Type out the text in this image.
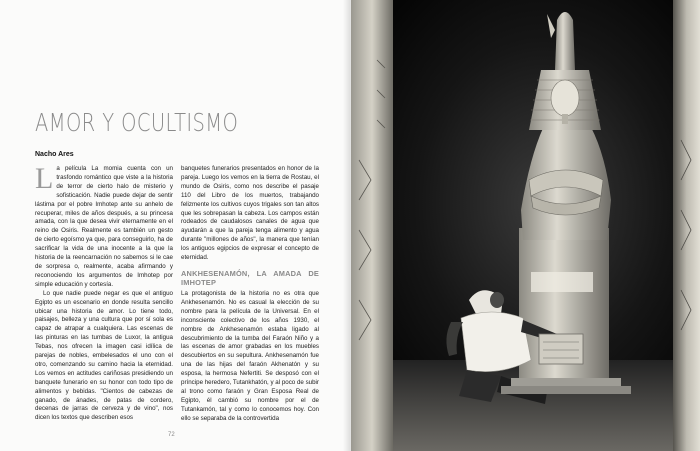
AMOR Y OCULTISMO
Nacho Ares

La película La momia cuenta con un trasfondo romántico que viste a la historia de terror de cierto halo de misterio y sofisticación. Nadie puede dejar de sentir lástima por el pobre Imhotep ante su anhelo de recuperar, miles de años después, a su princesa amada, con la que desea vivir eternamente en el reino de Osiris. Realmente es también un gesto de cierto egoísmo ya que, para conseguirlo, ha de sacrificar la vida de una inocente a la que la historia de la reencarnación no sabemos si le cae de sorpresa o, realmente, acaba afirmando y reconociendo los argumentos de Imhotep por simple educación y cortesía.

Lo que nadie puede negar es que el antiguo Egipto es un escenario en donde resulta sencillo ubicar una historia de amor. Lo tiene todo, paisajes, belleza y una cultura que por sí sola es capaz de atrapar a cualquiera. Las escenas de las pinturas en las tumbas de Luxor, la antigua Tebas, nos ofrecen la imagen casi idílica de parejas de nobles, embelesados el uno con el otro, comenzando su camino hacia la eternidad. Los vemos en actitudes cariñosas presidiendo un banquete funerario en su honor con todo tipo de alimentos y bebidas. "Cientos de cabezas de ganado, de ánades, de patas de cordero, decenas de jarras de cerveza y de vino", nos dicen los textos que describen esos

banquetes funerarios presentados en honor de la pareja. Luego los vemos en la tierra de Rostau, el mundo de Osiris, como nos describe el pasaje 110 del Libro de los muertos, trabajando felizmente los cultivos cuyos trigales son tan altos que les sobrepasan la cabeza. Los campos están rodeados de caudalosos canales de agua que ayudarán a que la pareja tenga alimento y agua durante "millones de años", la manera que tenían los antiguos egipcios de expresar el concepto de eternidad.

ANKHESENAMÓN, LA AMADA DE IMHOTEP

La protagonista de la historia no es otra que Ankhesenamón. No es casual la elección de su nombre para la película de la Universal. En el inconsciente colectivo de los años 1930, el nombre de Ankhesenamón estaba ligado al descubrimiento de la tumba del Faraón Niño y a las escenas de amor grabadas en los muebles descubiertos en su sepultura. Ankhesenamón fue una de las hijas del faraón Akhenatón y su esposa, la hermosa Nefertiti. Se desposó con el príncipe heredero, Tutankhatón, y al poco de subir al trono como faraón y Gran Esposa Real de Egipto, él cambió su nombre por el de Tutankamón, tal y como lo conocemos hoy. Con ello se separaba de la controvertida

72
